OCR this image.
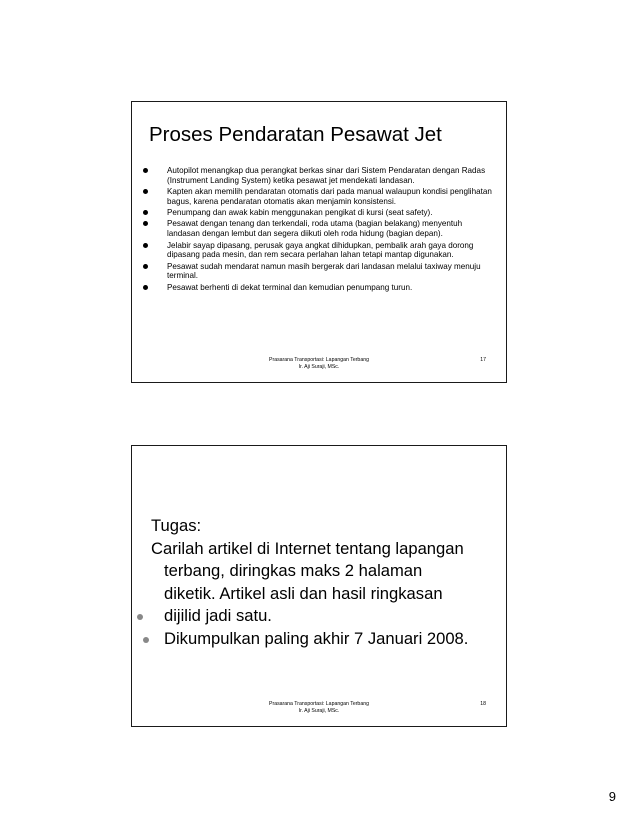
Proses Pendaratan Pesawat Jet
Autopilot menangkap dua perangkat berkas sinar dari Sistem Pendaratan dengan Radas (Instrument Landing System) ketika pesawat jet mendekati landasan.
Kapten akan memilih pendaratan otomatis dari pada manual walaupun kondisi penglihatan bagus, karena pendaratan otomatis akan menjamin konsistensi.
Penumpang dan awak kabin menggunakan pengikat di kursi (seat safety).
Pesawat dengan tenang dan terkendali, roda utama (bagian belakang) menyentuh landasan dengan lembut dan segera diikuti oleh roda hidung (bagian depan).
Jelabir sayap dipasang, perusak gaya angkat dihidupkan, pembalik arah gaya dorong dipasang pada mesin, dan rem secara perlahan lahan tetapi mantap digunakan.
Pesawat sudah mendarat namun masih bergerak dari landasan melalui taxiway menuju terminal.
Pesawat berhenti di dekat terminal dan kemudian penumpang turun.
Prasarana Transportasi: Lapangan Terbang
Ir. Aji Suraji, MSc.
17
Tugas:
Carilah artikel di Internet tentang lapangan
terbang, diringkas maks 2 halaman
diketik. Artikel asli dan hasil ringkasan
dijilid jadi satu.
Dikumpulkan paling akhir 7 Januari 2008.
Prasarana Transportasi: Lapangan Terbang
Ir. Aji Suraji, MSc.
18
9
